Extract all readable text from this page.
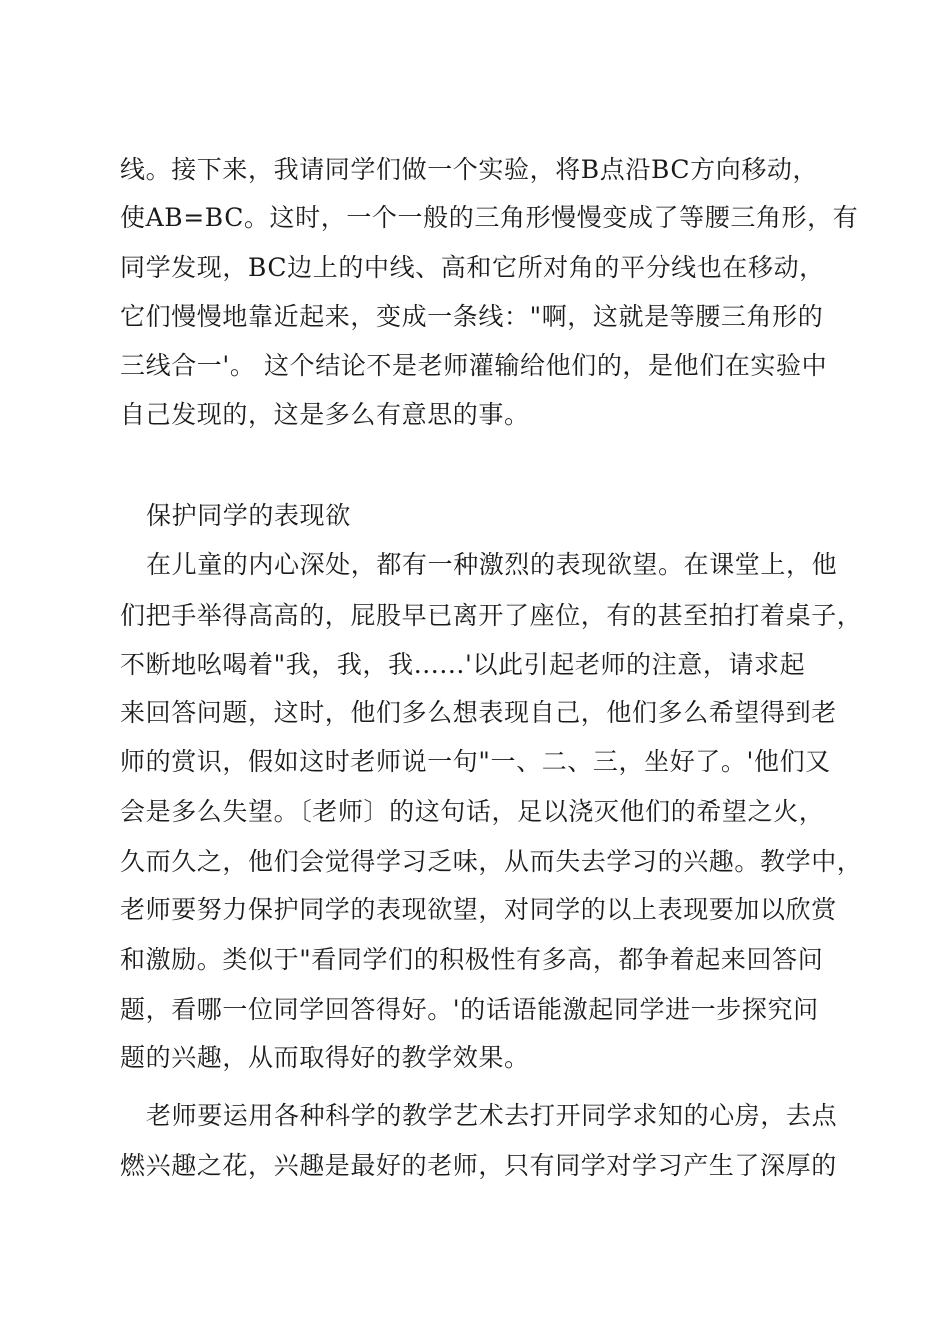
线。接下来，我请同学们做一个实验，将B点沿BC方向移动，
使AB=BC。这时，一个一般的三角形慢慢变成了等腰三角形，有
同学发现，BC边上的中线、高和它所对角的平分线也在移动，
它们慢慢地靠近起来，变成一条线："啊，这就是等腰三角形的
三线合一'。 这个结论不是老师灌输给他们的，是他们在实验中
自己发现的，这是多么有意思的事。
保护同学的表现欲
在儿童的内心深处，都有一种激烈的表现欲望。在课堂上，他
们把手举得高高的，屁股早已离开了座位，有的甚至拍打着桌子，
不断地吆喝着"我，我，我......'以此引起老师的注意，请求起
来回答问题，这时，他们多么想表现自己，他们多么希望得到老
师的赏识，假如这时老师说一句"一、二、三，坐好了。'他们又
会是多么失望。〔老师〕的这句话，足以浇灭他们的希望之火，
久而久之，他们会觉得学习乏味，从而失去学习的兴趣。教学中，
老师要努力保护同学的表现欲望，对同学的以上表现要加以欣赏
和激励。类似于"看同学们的积极性有多高，都争着起来回答问
题，看哪一位同学回答得好。'的话语能激起同学进一步探究问
题的兴趣，从而取得好的教学效果。
老师要运用各种科学的教学艺术去打开同学求知的心房，去点
燃兴趣之花，兴趣是最好的老师，只有同学对学习产生了深厚的
